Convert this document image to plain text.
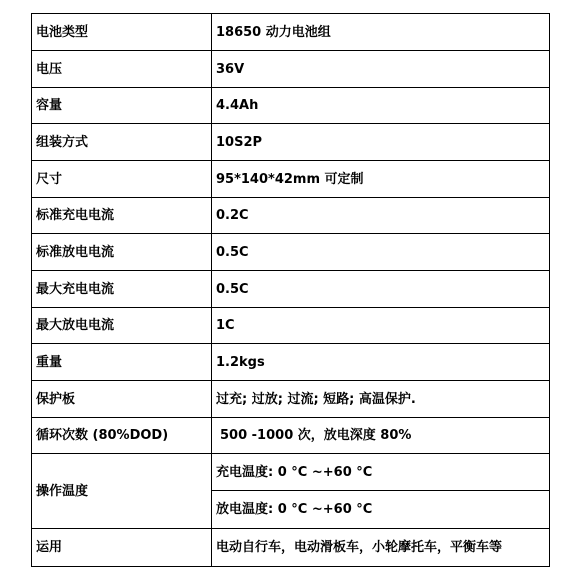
电池类型	18650 动力电池组
电压	36V
容量	4.4Ah
组装方式	10S2P
尺寸	95*140*42mm 可定制
标准充电电流	0.2C
标准放电电流	0.5C
最大充电电流	0.5C
最大放电电流	1C
重量	1.2kgs
保护板	过充; 过放; 过流; 短路; 高温保护.
循环次数 (80%DOD)	500 -1000 次，放电深度 80%
操作温度	充电温度: 0 °C ~+60 °C
	放电温度: 0 °C ~+60 °C
运用	电动自行车，电动滑板车，小轮摩托车，平衡车等
